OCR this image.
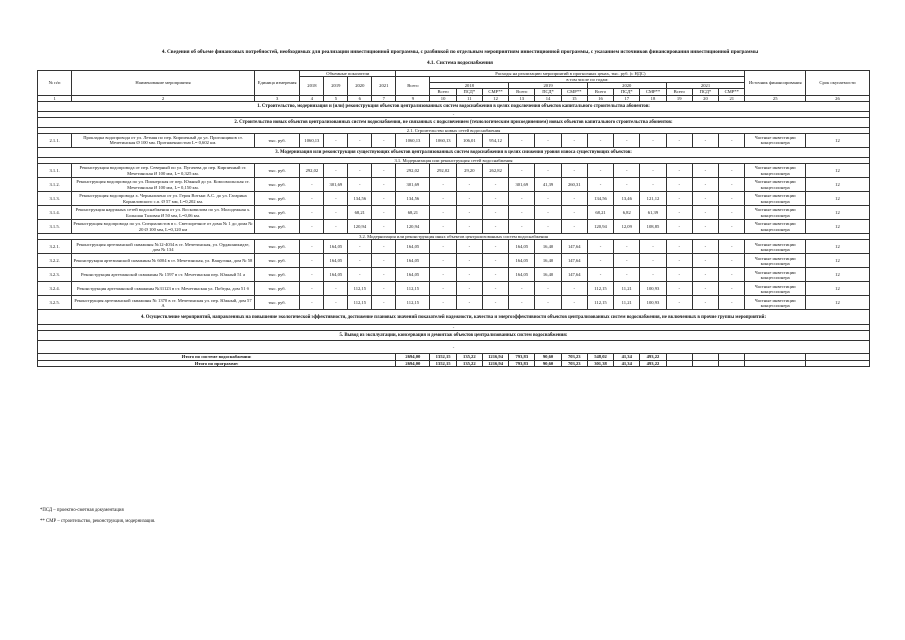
4. Сведения об объеме финансовых потребностей, необходимых для реализации инвестиционной программы, с разбивкой по отдельным мероприятиям инвестиционной программы, с указанием источников финансирования инвестиционной программы
4.1. Система водоснабжения
№ п/п	Наименование мероприятия	Единица измерения	Объемные показатели				Расходы на реализацию мероприятий в прогнозных ценах, тыс. руб. (с НДС)													Источник финансирования	Срок окупаемости
			2018	2019	2020	2021	Всего	в том числе по годам:													
								2018			2019			2020			2021				
								Всего	ПСД*	СМР**	Всего	ПСД*	СМР**	Всего	ПСД*	СМР**	Всего	ПСД*	СМР**		
1	2	3	4	5	6	7	9	10	11	12	13	14	15	16	17	18	19	20	21	25	26
1. Строительство, модернизация и (или) реконструкция объектов централизованных систем водоснабжения в целях подключения объектов капитального строительства абонентов:																					
-																					
2. Строительство новых объектов централизованных систем водоснабжения, не связанных с подключением (технологическим присоединением) новых объектов капитального строительства абонентов:																					
2.1. Строительство новых сетей водоснабжения																					
2.1.1.	Прокладка водопровода от ул. Летняя по пер. Кирпичный до ул. Прогонщиков ст. Мечетинская Ø 100 мм. Протяженностью L= 0,602 км.	тыс. руб.	1060,13	-	-	-	1060,13	1060,13	106,01	954,12	-	-	-	-	-	-	-	-	-	Частные инвестиции концессионера	12
3. Модернизация или реконструкция существующих объектов централизованных систем водоснабжения в целях снижения уровня износа существующих объектов:																					
3.1. Модернизация или реконструкция сетей водоснабжения																					
3.1.1.	Реконструкция водопровода от пер. Северный по ул. Пугачева до пер. Кирпичный ст. Мечетинская Ø 100 мм, L= 0,325 км.	тыс. руб.	292,02	-	-	-	292,02	292,02	29,20	262,82	-	-	-	-	-	-	-	-	-	Частные инвестиции концессионера	12
3.1.2.	Реконструкция водопровода по ул. Пионерская от пер. Южный до ул. Комсомольская ст. Мечетинская Ø 100 мм, L= 0,150 км.	тыс. руб.	-	301,69	-	-	301,69	-	-	-	301,69	41,39	260,31	-	-	-	-	-	-	Частные инвестиции концессионера	12
3.1.3.	Реконструкция водопровода х. Черныльчено от ул. Героя Вотьки А.С. до ул. Гагарина Корниловского с.п. Ø 57 мм, L=0,202 км.	тыс. руб.	-	-	134,56	-	134,56	-	-	-	-	-	-	134,56	13,46	121,12	-	-	-	Частные инвестиции концессионера	12
3.1.4.	Реконструкция наружных сетей водоснабжения от ул. Восковилова по ул. Молодежная х. Большая Таловая Ø 50 мм, L=0,06 км.	тыс. руб.	-	-	68,21	-	68,21	-	-	-	-	-	-	68,21	6,82	61,39	-	-	-	Частные инвестиции концессионера	12
3.1.5.	Реконструкция водопровода по ул. Специалистов в с. Светлоречное от дома № 1 до дома № 20 Ø 100 мм, L=0,120 км	тыс. руб.	-	-	120,94	-	120,94	-	-	-	-	-	-	120,94	12,09	108,85	-	-	-	Частные инвестиции концессионера	12
3.2. Модернизация или реконструкция иных объектов централизованных систем водоснабжения																					
3.2.1.	Реконструкция артезианской скважины №12-4034 в ст. Мечетинская, ул. Орджоникидзе, дом № 134	тыс. руб.	-	164,05	-	-	164,05	-	-	-	164,05	16,40	147,64	-	-	-	-	-	-	Частные инвестиции концессионера	12
3.2.2.	Реконструкция артезианской скважины № 6004 в ст. Мечетинская, ул. Ващугина, дом № 58	тыс. руб.	-	164,05	-	-	164,05	-	-	-	164,05	16,40	147,64	-	-	-	-	-	-	Частные инвестиции концессионера	12
3.2.3.	Реконструкция артезианской скважины № 1597 в ст. Мечетинская пер. Южный 51 а	тыс. руб.	-	164,05	-	-	164,05	-	-	-	164,05	16,40	147,64	-	-	-	-	-	-	Частные инвестиции концессионера	12
3.2.4.	Реконструкция артезианской скважины №31123 в ст. Мечетинская ул. Победы, дом 51 б	тыс. руб.	-	-	112,15	-	112,15	-	-	-	-	-	-	112,15	11,21	100,93	-	-	-	Частные инвестиции концессионера	12
3.2.5.	Реконструкция артезианской скважины № 1370 в ст. Мечетинская ул. пер. Южный, дом 57 А	тыс. руб.	-	-	112,15	-	112,15	-	-	-	-	-	-	112,15	11,21	100,93	-	-	-	Частные инвестиции концессионера	12
4. Осуществление мероприятий, направленных на повышение экологической эффективности, достижение плановых значений показателей надежности, качества и энергоэффективности объектов централизованных систем водоснабжения, не включенных в прочие группы мероприятий:																					
-																					
5. Вывод из эксплуатации, консервация и демонтаж объектов централизованных систем водоснабжения:																					
-																					
Итого по системе водоснабжения:							2694,00	1352,15	135,22	1216,94	793,83	90,60	703,23	548,02	41,34	493,22					
Итого по программе:							2694,00	1352,15	135,22	1216,94	793,83	90,60	703,23	301,38	41,34	493,22					
*ПСД – проектно-сметная документация
** СМР – строительство, реконструкция, модернизация.
